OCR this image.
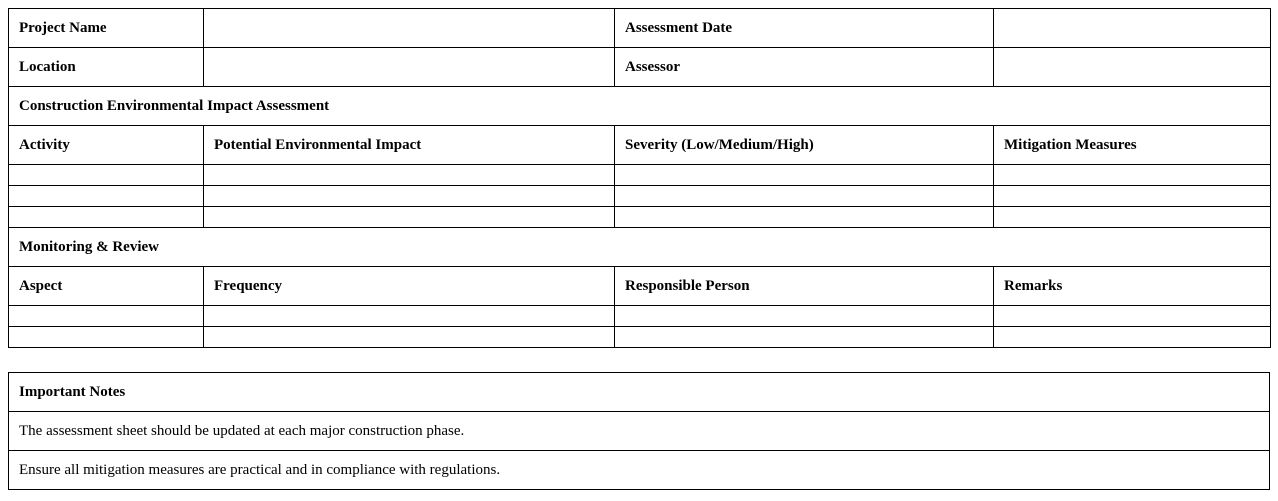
Project Name		Assessment Date	
Location		Assessor	
Construction Environmental Impact Assessment			
Activity	Potential Environmental Impact	Severity (Low/Medium/High)	Mitigation Measures

Monitoring & Review			
Aspect	Frequency	Responsible Person	Remarks

Important Notes
The assessment sheet should be updated at each major construction phase.
Ensure all mitigation measures are practical and in compliance with regulations.
